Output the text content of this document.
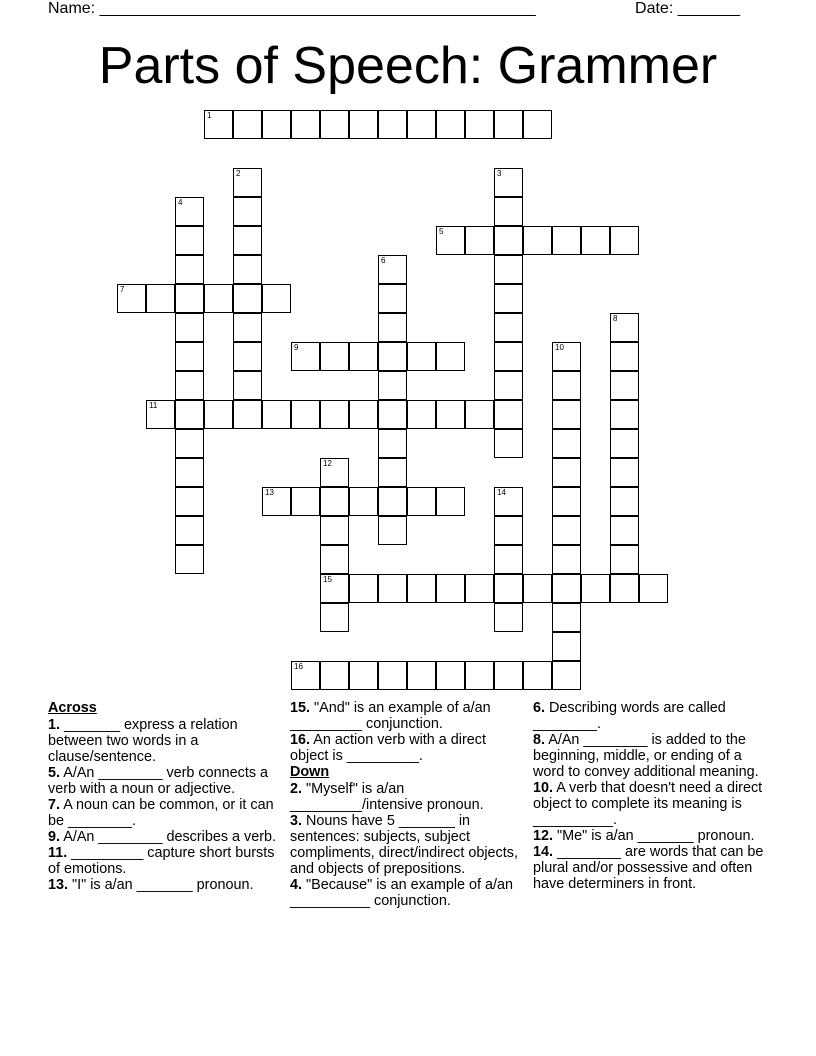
Name: _________________________________________________	Date: _______
Parts of Speech: Grammer
1
2	3
4
5
6
7
8
9	10
11
12
15
13	14
16
Across
1. _______ express a relation between two words in a clause/sentence.
5. A/An ________ verb connects a verb with a noun or adjective.
7. A noun can be common, or it can be ________.
9. A/An ________ describes a verb.
11. _________ capture short bursts of emotions.
13. "I" is a/an _______ pronoun.
15. "And" is an example of a/an _________ conjunction.
16. An action verb with a direct object is _________.
Down
2. "Myself" is a/an _________/intensive pronoun.
3. Nouns have 5 _______ in sentences: subjects, subject compliments, direct/indirect objects, and objects of prepositions.
4. "Because" is an example of a/an __________ conjunction.
6. Describing words are called ________.
8. A/An ________ is added to the beginning, middle, or ending of a word to convey additional meaning.
10. A verb that doesn't need a direct object to complete its meaning is __________.
12. "Me" is a/an _______ pronoun.
14. ________ are words that can be plural and/or possessive and often have determiners in front.
